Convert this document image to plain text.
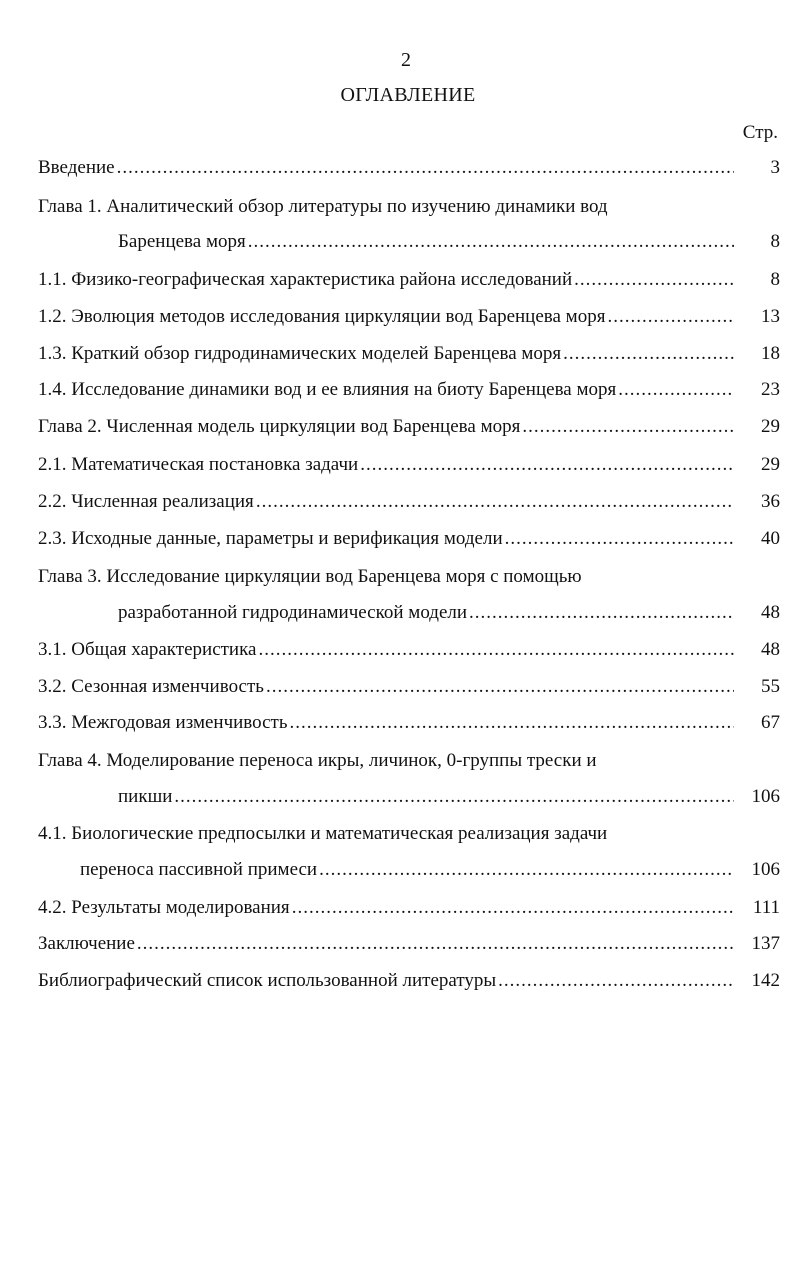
2
ОГЛАВЛЕНИЕ
Стр.
Введение .....	3
Глава 1. Аналитический обзор литературы по изучению динамики вод
Баренцева моря .....	8
1.1. Физико-географическая характеристика района исследований .....	8
1.2. Эволюция методов исследования циркуляции вод Баренцева моря .....	13
1.3. Краткий обзор гидродинамических моделей Баренцева моря .....	18
1.4. Исследование динамики вод и ее влияния на биоту Баренцева моря .....	23
Глава 2. Численная модель циркуляции вод Баренцева моря .....	29
2.1. Математическая постановка задачи .....	29
2.2. Численная реализация .....	36
2.3. Исходные данные, параметры и верификация модели .....	40
Глава 3. Исследование циркуляции вод Баренцева моря с помощью
разработанной гидродинамической модели .....	48
3.1. Общая характеристика .....	48
3.2. Сезонная изменчивость .....	55
3.3. Межгодовая изменчивость .....	67
Глава 4. Моделирование переноса икры, личинок, 0-группы трески и
пикши .....	106
4.1. Биологические предпосылки и математическая реализация задачи
переноса пассивной примеси .....	106
4.2. Результаты моделирования .....	111
Заключение .....	137
Библиографический список использованной литературы .....	142
